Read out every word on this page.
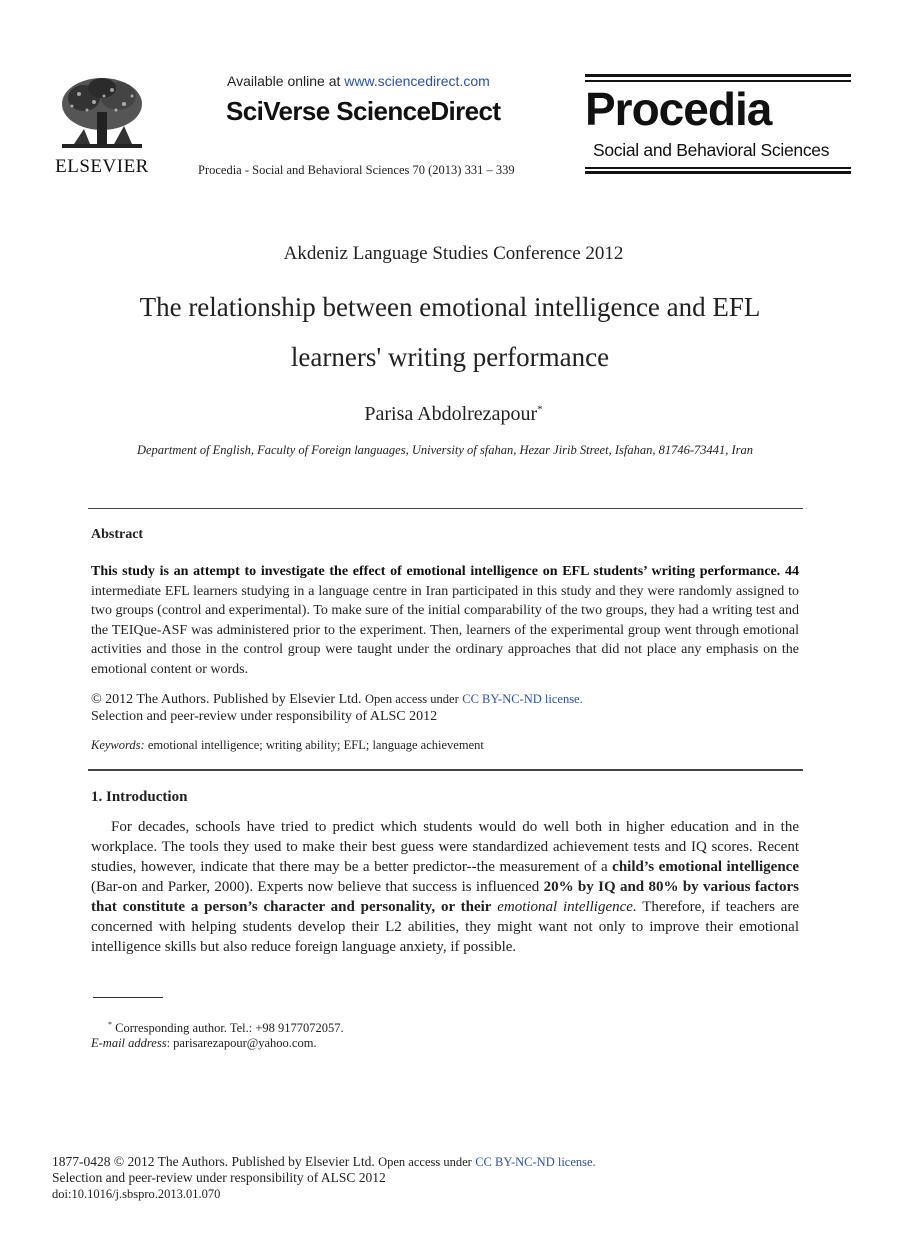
ELSEVIER
Available online at www.sciencedirect.com
SciVerse ScienceDirect
Procedia - Social and Behavioral Sciences 70 (2013) 331 – 339
Procedia
Social and Behavioral Sciences
Akdeniz Language Studies Conference 2012
The relationship between emotional intelligence and EFL
learners' writing performance
Parisa Abdolrezapour*
Department of English, Faculty of Foreign languages, University of sfahan, Hezar Jirib Street, Isfahan, 81746-73441, Iran
Abstract
This study is an attempt to investigate the effect of emotional intelligence on EFL students’ writing performance. 44 intermediate EFL learners studying in a language centre in Iran participated in this study and they were randomly assigned to two groups (control and experimental). To make sure of the initial comparability of the two groups, they had a writing test and the TEIQue-ASF was administered prior to the experiment. Then, learners of the experimental group went through emotional activities and those in the control group were taught under the ordinary approaches that did not place any emphasis on the emotional content or words.
© 2012 The Authors. Published by Elsevier Ltd. Open access under CC BY-NC-ND license.
Selection and peer-review under responsibility of ALSC 2012
Keywords: emotional intelligence; writing ability; EFL; language achievement
1. Introduction
For decades, schools have tried to predict which students would do well both in higher education and in the workplace. The tools they used to make their best guess were standardized achievement tests and IQ scores. Recent studies, however, indicate that there may be a better predictor--the measurement of a child’s emotional intelligence (Bar-on and Parker, 2000). Experts now believe that success is influenced 20% by IQ and 80% by various factors that constitute a person’s character and personality, or their emotional intelligence. Therefore, if teachers are concerned with helping students develop their L2 abilities, they might want not only to improve their emotional intelligence skills but also reduce foreign language anxiety, if possible.
* Corresponding author. Tel.: +98 9177072057.
E-mail address: parisarezapour@yahoo.com.
1877-0428 © 2012 The Authors. Published by Elsevier Ltd. Open access under CC BY-NC-ND license.
Selection and peer-review under responsibility of ALSC 2012
doi:10.1016/j.sbspro.2013.01.070
